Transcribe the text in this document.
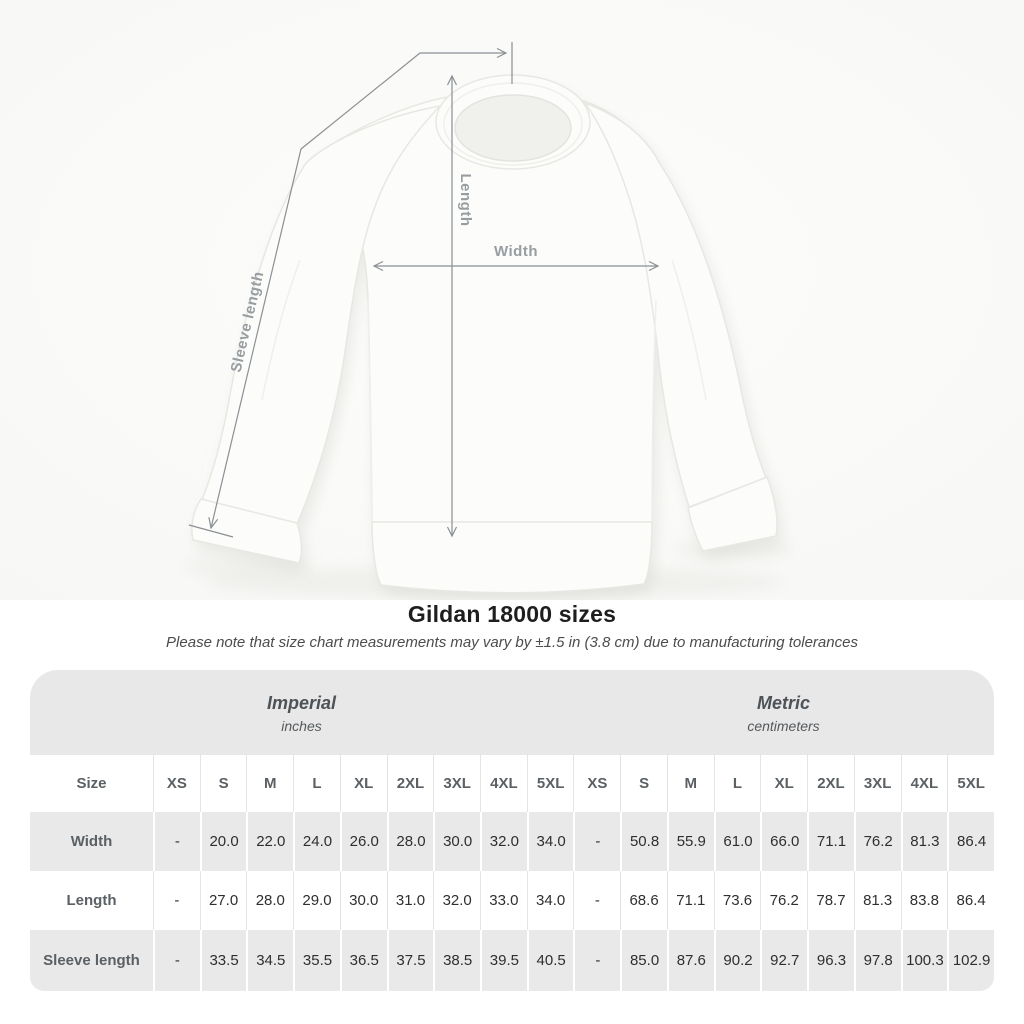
Length
Width
Sleeve length
Gildan 18000 sizes
Please note that size chart measurements may vary by ±1.5 in (3.8 cm) due to manufacturing tolerances
Imperial
inches
Metric
centimeters
Size	XS	S	M	L	XL	2XL	3XL	4XL	5XL	XS	S	M	L	XL	2XL	3XL	4XL	5XL
Width	-	20.0	22.0	24.0	26.0	28.0	30.0	32.0	34.0	-	50.8	55.9	61.0	66.0	71.1	76.2	81.3	86.4
Length	-	27.0	28.0	29.0	30.0	31.0	32.0	33.0	34.0	-	68.6	71.1	73.6	76.2	78.7	81.3	83.8	86.4
Sleeve length	-	33.5	34.5	35.5	36.5	37.5	38.5	39.5	40.5	-	85.0	87.6	90.2	92.7	96.3	97.8 100.3 102.9
